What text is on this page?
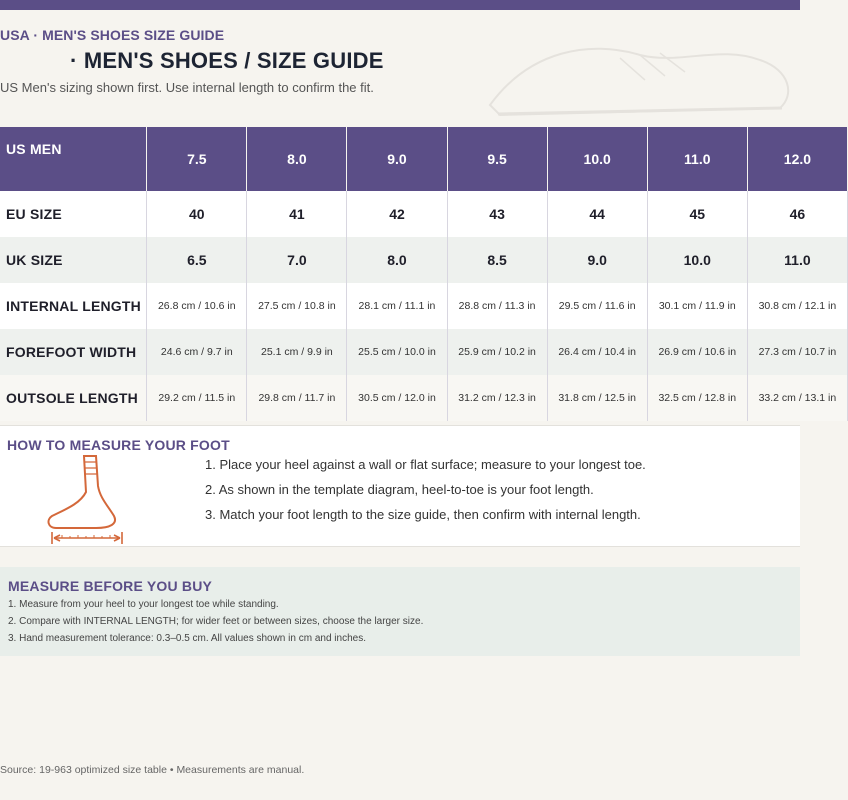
USA · MEN'S SHOES SIZE GUIDE
· MEN'S SHOES / SIZE GUIDE
US Men's sizing shown first. Use internal length to confirm the fit.
US MEN	7.5	8.0	9.0	9.5	10.0	11.0	12.0
EU SIZE	40	41	42	43	44	45	46
UK SIZE	6.5	7.0	8.0	8.5	9.0	10.0	11.0
INTERNAL LENGTH	26.8 cm / 10.6 in	27.5 cm / 10.8 in	28.1 cm / 11.1 in	28.8 cm / 11.3 in	29.5 cm / 11.6 in	30.1 cm / 11.9 in	30.8 cm / 12.1 in
FOREFOOT WIDTH	24.6 cm / 9.7 in	25.1 cm / 9.9 in	25.5 cm / 10.0 in	25.9 cm / 10.2 in	26.4 cm / 10.4 in	26.9 cm / 10.6 in	27.3 cm / 10.7 in
OUTSOLE LENGTH	29.2 cm / 11.5 in	29.8 cm / 11.7 in	30.5 cm / 12.0 in	31.2 cm / 12.3 in	31.8 cm / 12.5 in	32.5 cm / 12.8 in	33.2 cm / 13.1 in
HOW TO MEASURE YOUR FOOT
1. Place your heel against a wall or flat surface; measure to your longest toe.
2. As shown in the template diagram, heel-to-toe is your foot length.
3. Match your foot length to the size guide, then confirm with internal length.
MEASURE BEFORE YOU BUY
1. Measure from your heel to your longest toe while standing.
2. Compare with INTERNAL LENGTH; for wider feet or between sizes, choose the larger size.
3. Hand measurement tolerance: 0.3–0.5 cm. All values shown in cm and inches.
Source: 19-963 optimized size table • Measurements are manual.
